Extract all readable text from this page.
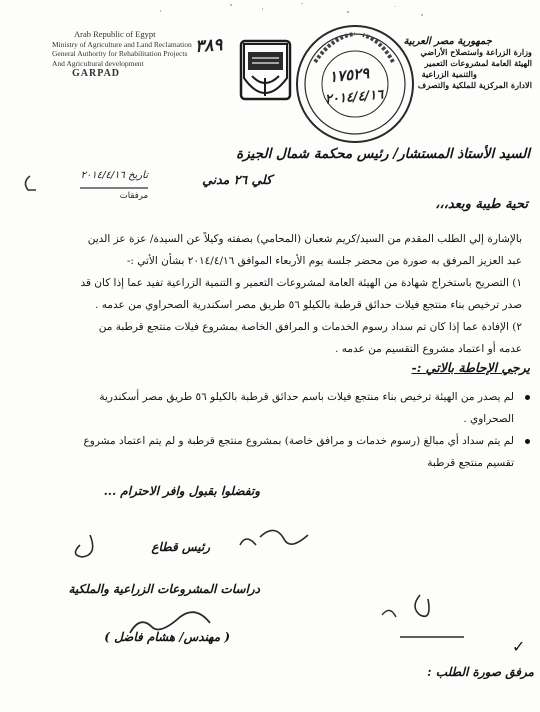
Arab Republic of Egypt
Ministry of Agriculture and Land Reclamation
General Authority for Rehabilitation Projects
And Agricultural development
GARPAD
٣٨٩
١٧٥٢٩
٢٠١٤/٤/١٦
جمهورية مصر العربية
وزارة الزراعة واستصلاح الأراضي
الهيئة العامة لمشروعات التعمير
والتنمية الزراعية
الادارة المركزية للملكية والتصرف
السيد الأستاذ المستشار/ رئيس محكمة شمال الجيزة
كلي ٢٦ مدني
تاريخ ٢٠١٤/٤/١٦
مرفقات
تحية طيبة وبعد،،،
بالإشارة إلي الطلب المقدم من السيد/كريم شعبان (المحامي) بصفته وكيلاً عن السيدة/ عزة عز الدين
عبد العزيز المرفق به صورة من محضر جلسة يوم الأربعاء الموافق ٢٠١٤/٤/١٦ بشأن الأتي :-
١) التصريح باستخراج شهادة من الهيئة العامة لمشروعات التعمير و التنمية الزراعية تفيد عما إذا كان قد
صدر ترخيص بناء منتجع فيلات حدائق قرطبة بالكيلو ٥٦ طريق مصر اسكندرية الصحراوي من عدمه .
٢) الإفادة عما إذا كان تم سداد رسوم الخدمات و المرافق الخاصة بمشروع فيلات منتجع قرطبة من
عدمه أو اعتماد مشروع التقسيم من عدمه .
يرجي الإحاطة بالاتي :-
لم يصدر من الهيئة ترخيص بناء منتجع فيلات باسم حدائق قرطبة بالكيلو ٥٦ طريق مصر أسكندرية
الصحراوي .
لم يتم سداد أي مبالغ (رسوم خدمات و مرافق خاصة) بمشروع منتجع قرطبة و لم يتم اعتماد مشروع
تقسيم منتجع قرطبة
وتفضلوا بقبول وافر الاحترام ...
✓
رئيس قطاع
دراسات المشروعات الزراعية والملكية
( مهندس/ هشام فاضل )
مرفق صورة الطلب :
